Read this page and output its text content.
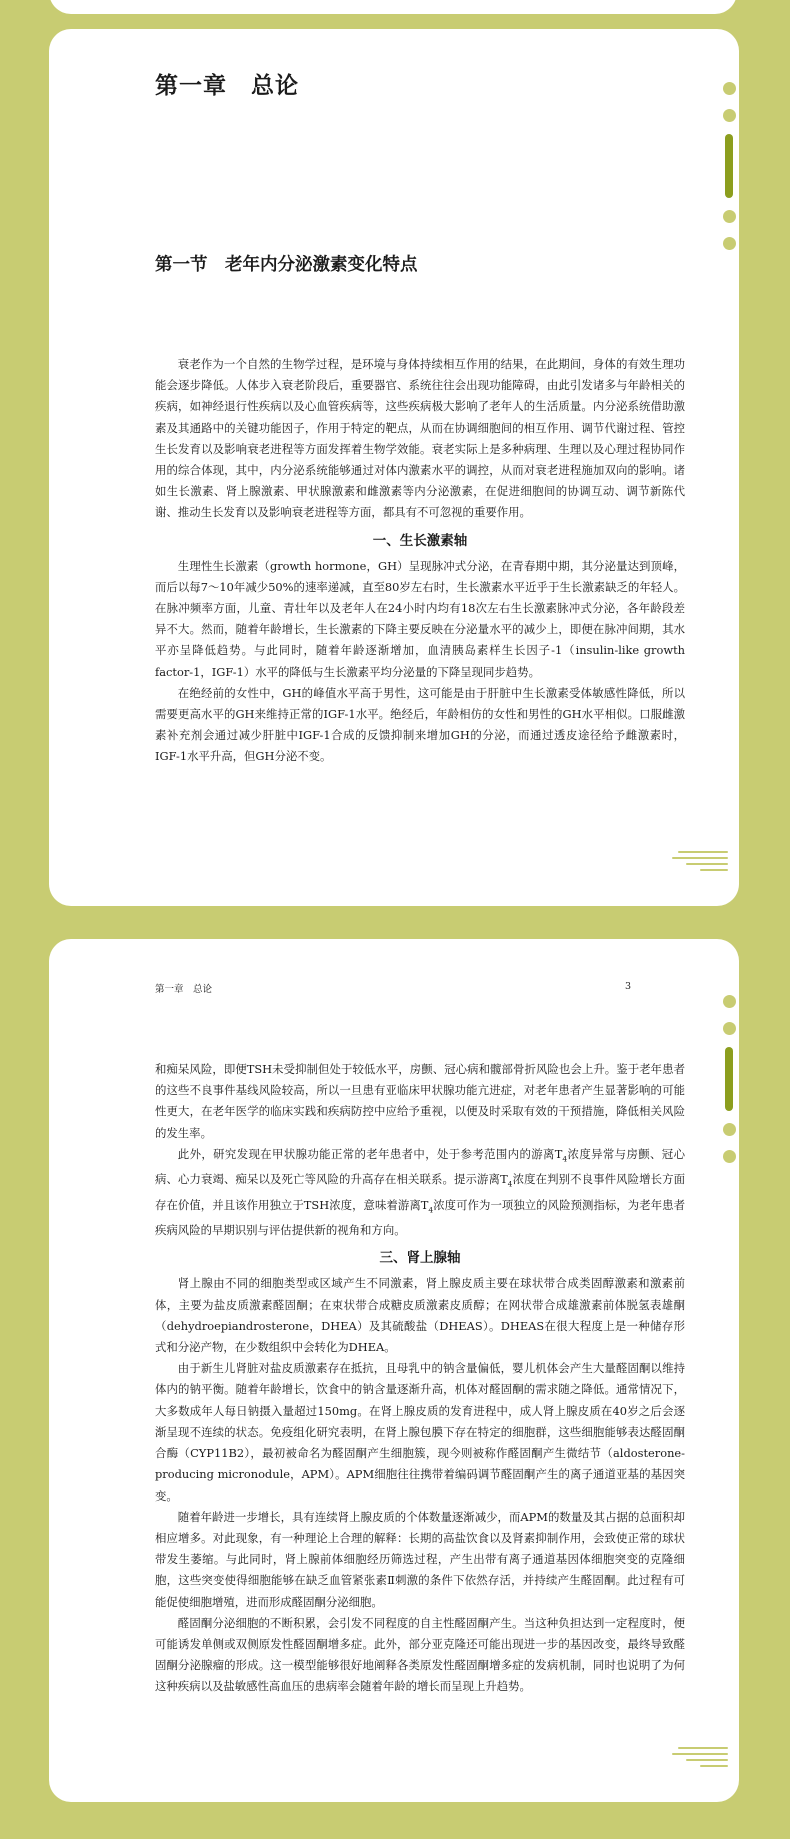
第一章　总论
第一节　老年内分泌激素变化特点

衰老作为一个自然的生物学过程，是环境与身体持续相互作用的结果，在此期间，身体的有效生理功能会逐步降低。人体步入衰老阶段后，重要器官、系统往往会出现功能障碍，由此引发诸多与年龄相关的疾病，如神经退行性疾病以及心血管疾病等，这些疾病极大影响了老年人的生活质量。内分泌系统借助激素及其通路中的关键功能因子，作用于特定的靶点，从而在协调细胞间的相互作用、调节代谢过程、管控生长发育以及影响衰老进程等方面发挥着生物学效能。衰老实际上是多种病理、生理以及心理过程协同作用的综合体现，其中，内分泌系统能够通过对体内激素水平的调控，从而对衰老进程施加双向的影响。诸如生长激素、肾上腺激素、甲状腺激素和雌激素等内分泌激素，在促进细胞间的协调互动、调节新陈代谢、推动生长发育以及影响衰老进程等方面，都具有不可忽视的重要作用。

一、生长激素轴

生理性生长激素（growth hormone，GH）呈现脉冲式分泌，在青春期中期，其分泌量达到顶峰，而后以每7～10年减少50%的速率递减，直至80岁左右时，生长激素水平近乎于生长激素缺乏的年轻人。在脉冲频率方面，儿童、青壮年以及老年人在24小时内均有18次左右生长激素脉冲式分泌，各年龄段差异不大。然而，随着年龄增长，生长激素的下降主要反映在分泌量水平的减少上，即便在脉冲间期，其水平亦呈降低趋势。与此同时，随着年龄逐渐增加，血清胰岛素样生长因子-1（insulin-like growth factor-1，IGF-1）水平的降低与生长激素平均分泌量的下降呈现同步趋势。

在绝经前的女性中，GH的峰值水平高于男性，这可能是由于肝脏中生长激素受体敏感性降低，所以需要更高水平的GH来维持正常的IGF-1水平。绝经后，年龄相仿的女性和男性的GH水平相似。口服雌激素补充剂会通过减少肝脏中IGF-1合成的反馈抑制来增加GH的分泌，而通过透皮途径给予雌激素时，IGF-1水平升高，但GH分泌不变。

第一章　总论	3

和痴呆风险，即便TSH未受抑制但处于较低水平，房颤、冠心病和髋部骨折风险也会上升。鉴于老年患者的这些不良事件基线风险较高，所以一旦患有亚临床甲状腺功能亢进症，对老年患者产生显著影响的可能性更大，在老年医学的临床实践和疾病防控中应给予重视，以便及时采取有效的干预措施，降低相关风险的发生率。

此外，研究发现在甲状腺功能正常的老年患者中，处于参考范围内的游离$T_4$浓度异常与房颤、冠心病、心力衰竭、痴呆以及死亡等风险的升高存在相关联系。提示游离$T_4$浓度在判别不良事件风险增长方面存在价值，并且该作用独立于TSH浓度，意味着游离$T_4$浓度可作为一项独立的风险预测指标，为老年患者疾病风险的早期识别与评估提供新的视角和方向。

三、肾上腺轴

肾上腺由不同的细胞类型或区域产生不同激素，肾上腺皮质主要在球状带合成类固醇激素和激素前体，主要为盐皮质激素醛固酮；在束状带合成糖皮质激素皮质醇；在网状带合成雄激素前体脱氢表雄酮（dehydroepiandrosterone，DHEA）及其硫酸盐（DHEAS）。DHEAS在很大程度上是一种储存形式和分泌产物，在少数组织中会转化为DHEA。

由于新生儿肾脏对盐皮质激素存在抵抗，且母乳中的钠含量偏低，婴儿机体会产生大量醛固酮以维持体内的钠平衡。随着年龄增长，饮食中的钠含量逐渐升高，机体对醛固酮的需求随之降低。通常情况下，大多数成年人每日钠摄入量超过150mg。在肾上腺皮质的发育进程中，成人肾上腺皮质在40岁之后会逐渐呈现不连续的状态。免疫组化研究表明，在肾上腺包膜下存在特定的细胞群，这些细胞能够表达醛固酮合酶（CYP11B2），最初被命名为醛固酮产生细胞簇，现今则被称作醛固酮产生微结节（aldosterone-producing micronodule，APM）。APM细胞往往携带着编码调节醛固酮产生的离子通道亚基的基因突变。

随着年龄进一步增长，具有连续肾上腺皮质的个体数量逐渐减少，而APM的数量及其占据的总面积却相应增多。对此现象，有一种理论上合理的解释：长期的高盐饮食以及肾素抑制作用，会致使正常的球状带发生萎缩。与此同时，肾上腺前体细胞经历筛选过程，产生出带有离子通道基因体细胞突变的克隆细胞，这些突变使得细胞能够在缺乏血管紧张素Ⅱ刺激的条件下依然存活，并持续产生醛固酮。此过程有可能促使细胞增殖，进而形成醛固酮分泌细胞。

醛固酮分泌细胞的不断积累，会引发不同程度的自主性醛固酮产生。当这种负担达到一定程度时，便可能诱发单侧或双侧原发性醛固酮增多症。此外，部分亚克隆还可能出现进一步的基因改变，最终导致醛固酮分泌腺瘤的形成。这一模型能够很好地阐释各类原发性醛固酮增多症的发病机制，同时也说明了为何这种疾病以及盐敏感性高血压的患病率会随着年龄的增长而呈现上升趋势。
